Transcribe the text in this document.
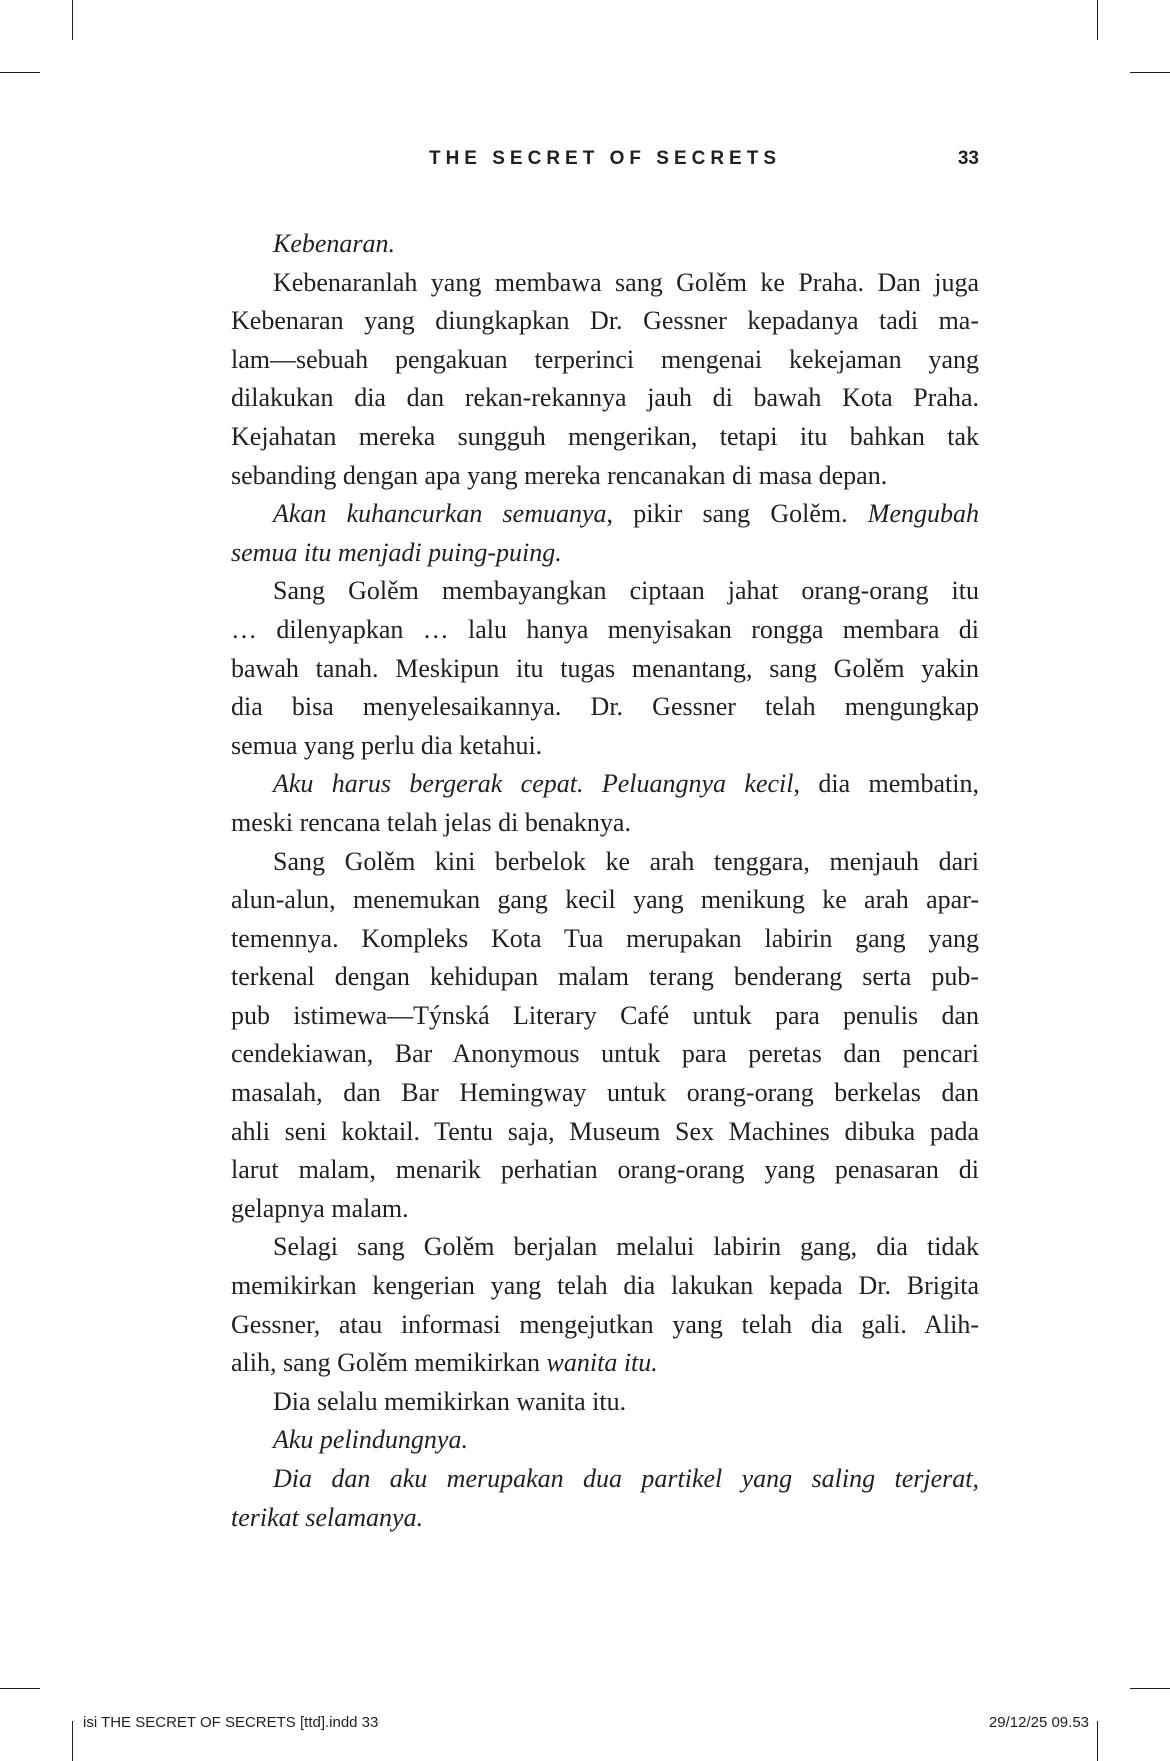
THE SECRET OF SECRETS	33
Kebenaran.
Kebenaranlah yang membawa sang Golěm ke Praha. Dan juga
Kebenaran yang diungkapkan Dr. Gessner kepadanya tadi ma-
lam—sebuah pengakuan terperinci mengenai kekejaman yang
dilakukan dia dan rekan-rekannya jauh di bawah Kota Praha.
Kejahatan mereka sungguh mengerikan, tetapi itu bahkan tak
sebanding dengan apa yang mereka rencanakan di masa depan.
Akan kuhancurkan semuanya, pikir sang Golěm. Mengubah
semua itu menjadi puing-puing.
Sang Golěm membayangkan ciptaan jahat orang-orang itu
… dilenyapkan … lalu hanya menyisakan rongga membara di
bawah tanah. Meskipun itu tugas menantang, sang Golěm yakin
dia bisa menyelesaikannya. Dr. Gessner telah mengungkap
semua yang perlu dia ketahui.
Aku harus bergerak cepat. Peluangnya kecil, dia membatin,
meski rencana telah jelas di benaknya.
Sang Golěm kini berbelok ke arah tenggara, menjauh dari
alun-alun, menemukan gang kecil yang menikung ke arah apar-
temennya. Kompleks Kota Tua merupakan labirin gang yang
terkenal dengan kehidupan malam terang benderang serta pub-
pub istimewa—Týnská Literary Café untuk para penulis dan
cendekiawan, Bar Anonymous untuk para peretas dan pencari
masalah, dan Bar Hemingway untuk orang-orang berkelas dan
ahli seni koktail. Tentu saja, Museum Sex Machines dibuka pada
larut malam, menarik perhatian orang-orang yang penasaran di
gelapnya malam.
Selagi sang Golěm berjalan melalui labirin gang, dia tidak
memikirkan kengerian yang telah dia lakukan kepada Dr. Brigita
Gessner, atau informasi mengejutkan yang telah dia gali. Alih-
alih, sang Golěm memikirkan wanita itu.
Dia selalu memikirkan wanita itu.
Aku pelindungnya.
Dia dan aku merupakan dua partikel yang saling terjerat,
terikat selamanya.
isi THE SECRET OF SECRETS [ttd].indd 33	29/12/25 09.53
